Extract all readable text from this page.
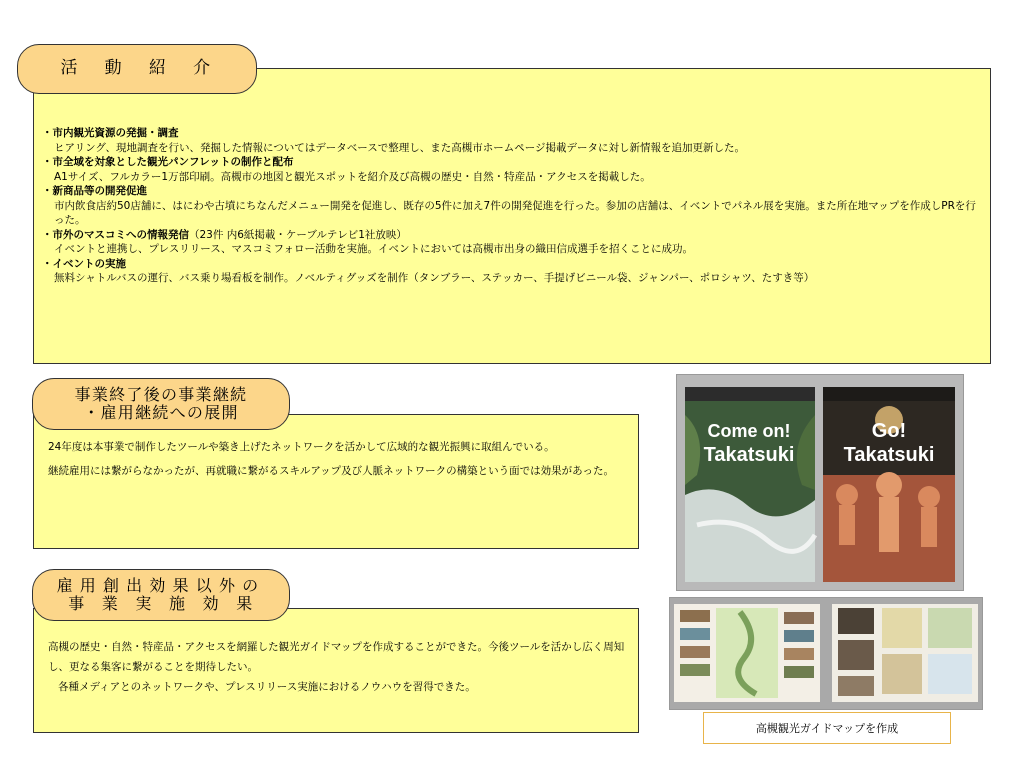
・市内観光資源の発掘・調査
ヒアリング、現地調査を行い、発掘した情報についてはデータベースで整理し、また高槻市ホームページ掲載データに対し新情報を追加更新した。
・市全域を対象とした観光パンフレットの制作と配布
A1サイズ、フルカラー1万部印刷。高槻市の地図と観光スポットを紹介及び高槻の歴史・自然・特産品・アクセスを掲載した。
・新商品等の開発促進
市内飲食店約50店舗に、はにわや古墳にちなんだメニュー開発を促進し、既存の5件に加え7件の開発促進を行った。参加の店舗は、イベントでパネル展を実施。また所在地マップを作成しPRを行った。
・市外のマスコミへの情報発信（23件 内6紙掲載・ケーブルテレビ1社放映）
イベントと連携し、プレスリリース、マスコミフォロー活動を実施。イベントにおいては高槻市出身の織田信成選手を招くことに成功。
・イベントの実施
無料シャトルバスの運行、バス乗り場看板を制作。ノベルティグッズを制作（タンブラー、ステッカー、手提げビニール袋、ジャンパー、ポロシャツ、たすき等）
活動紹介
24年度は本事業で制作したツールや築き上げたネットワークを活かして広域的な観光振興に取組んでいる。
継続雇用には繋がらなかったが、再就職に繋がるスキルアップ及び人脈ネットワークの構築という面では効果があった。
事業終了後の事業継続
・雇用継続への展開
高槻の歴史・自然・特産品・アクセスを網羅した観光ガイドマップを作成することができた。今後ツールを活かし広く周知し、更なる集客に繋がることを期待したい。
各種メディアとのネットワークや、プレスリリース実施におけるノウハウを習得できた。
雇用創出効果以外の
事業実施効果
Come on!
Takatsuki
Go!
Takatsuki
高槻観光ガイドマップを作成
